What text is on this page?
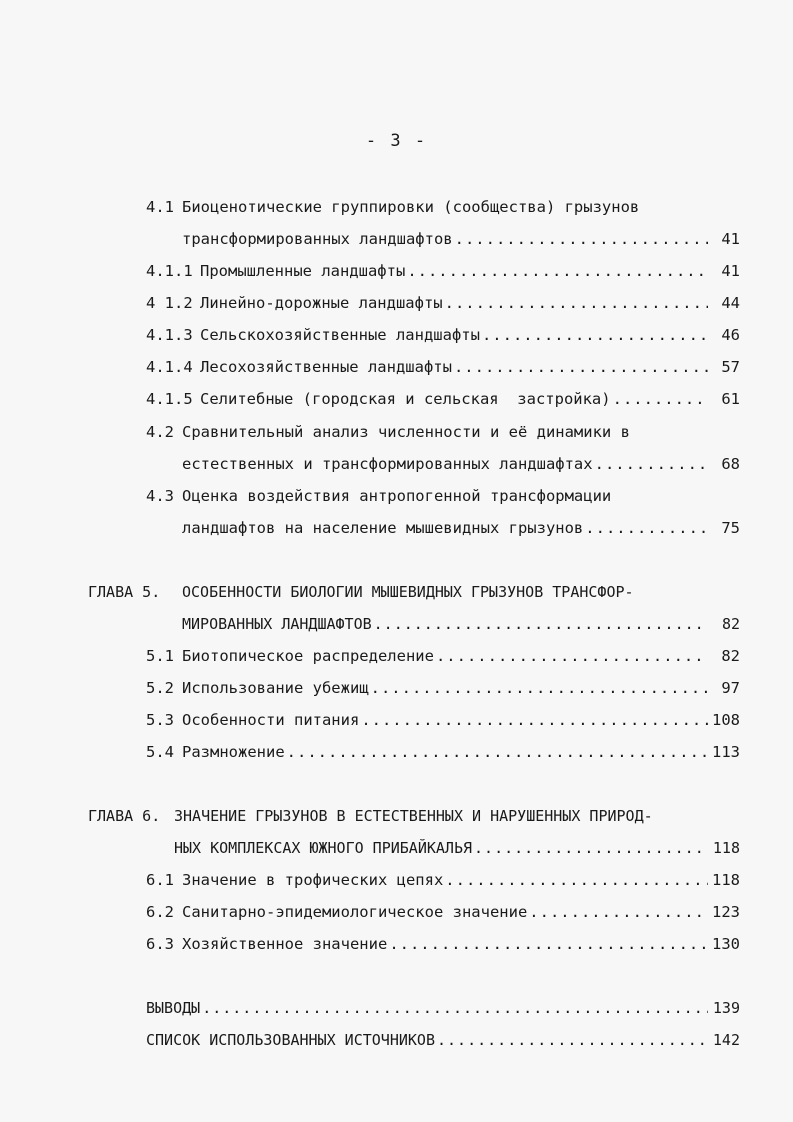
- 3 -
4.1 Биоценотические группировки (сообщества) грызунов
трансформированных ландшафтов .....	41
4.1.1 Промышленные ландшафты .....	41
4 1.2 Линейно-дорожные ландшафты .....	44
4.1.3 Сельскохозяйственные ландшафты .....	46
4.1.4 Лесохозяйственные ландшафты .....	57
4.1.5 Селитебные (городская и сельская  застройка) .....	61
4.2 Сравнительный анализ численности и её динамики в
естественных и трансформированных ландшафтах .....	68
4.3 Оценка воздействия антропогенной трансформации
ландшафтов на население мышевидных грызунов .....	75
ГЛАВА 5.	ОСОБЕННОСТИ БИОЛОГИИ МЫШЕВИДНЫХ ГРЫЗУНОВ ТРАНСФОР-
МИРОВАННЫХ ЛАНДШАФТОВ .....	82
5.1 Биотопическое распределение .....	82
5.2 Использование убежищ .....	97
5.3 Особенности питания .....	108
5.4 Размножение .....	113
ГЛАВА 6. ЗНАЧЕНИЕ ГРЫЗУНОВ В ЕСТЕСТВЕННЫХ И НАРУШЕННЫХ ПРИРОД-
НЫХ КОМПЛЕКСАХ ЮЖНОГО ПРИБАЙКАЛЬЯ .....	118
6.1 Значение в трофических цепях .....	118
6.2 Санитарно-эпидемиологическое значение .....	123
6.3 Хозяйственное значение .....	130
ВЫВОДЫ .....	139
СПИСОК ИСПОЛЬЗОВАННЫХ ИСТОЧНИКОВ .....	142
